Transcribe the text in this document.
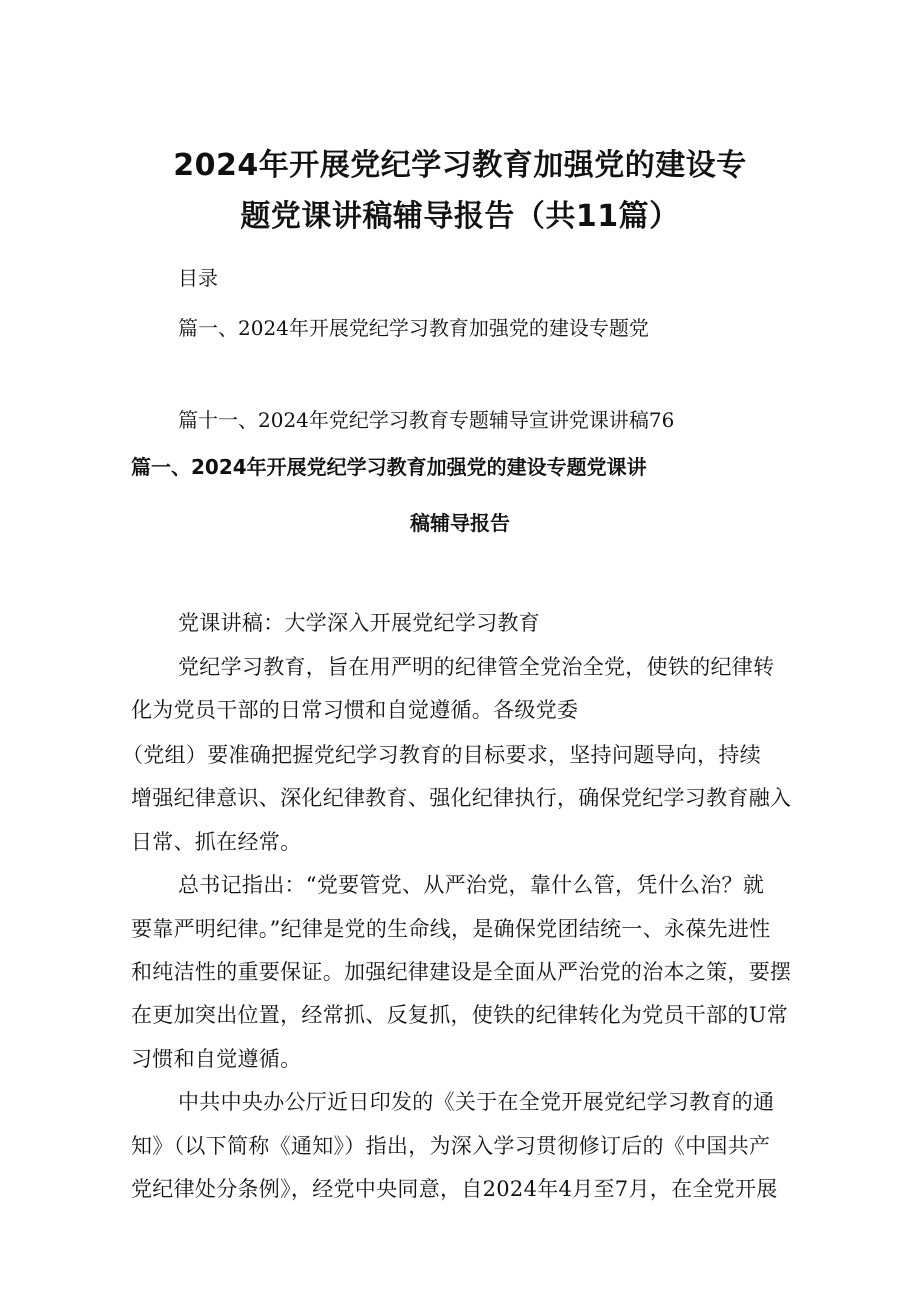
2024年开展党纪学习教育加强党的建设专
题党课讲稿辅导报告（共11篇）
目录
篇一、2024年开展党纪学习教育加强党的建设专题党
篇十一、2024年党纪学习教育专题辅导宣讲党课讲稿76
篇一、2024年开展党纪学习教育加强党的建设专题党课讲
稿辅导报告
党课讲稿：大学深入开展党纪学习教育
党纪学习教育，旨在用严明的纪律管全党治全党，使铁的纪律转
化为党员干部的日常习惯和自觉遵循。各级党委
（党组）要准确把握党纪学习教育的目标要求，坚持问题导向，持续
增强纪律意识、深化纪律教育、强化纪律执行，确保党纪学习教育融入
日常、抓在经常。
总书记指出：“党要管党、从严治党，靠什么管，凭什么治？就
要靠严明纪律。”纪律是党的生命线，是确保党团结统一、永葆先进性
和纯洁性的重要保证。加强纪律建设是全面从严治党的治本之策，要摆
在更加突出位置，经常抓、反复抓，使铁的纪律转化为党员干部的U常
习惯和自觉遵循。
中共中央办公厅近日印发的《关于在全党开展党纪学习教育的通
知》（以下简称《通知》）指出，为深入学习贯彻修订后的《中国共产
党纪律处分条例》，经党中央同意，自2024年4月至7月，在全党开展
